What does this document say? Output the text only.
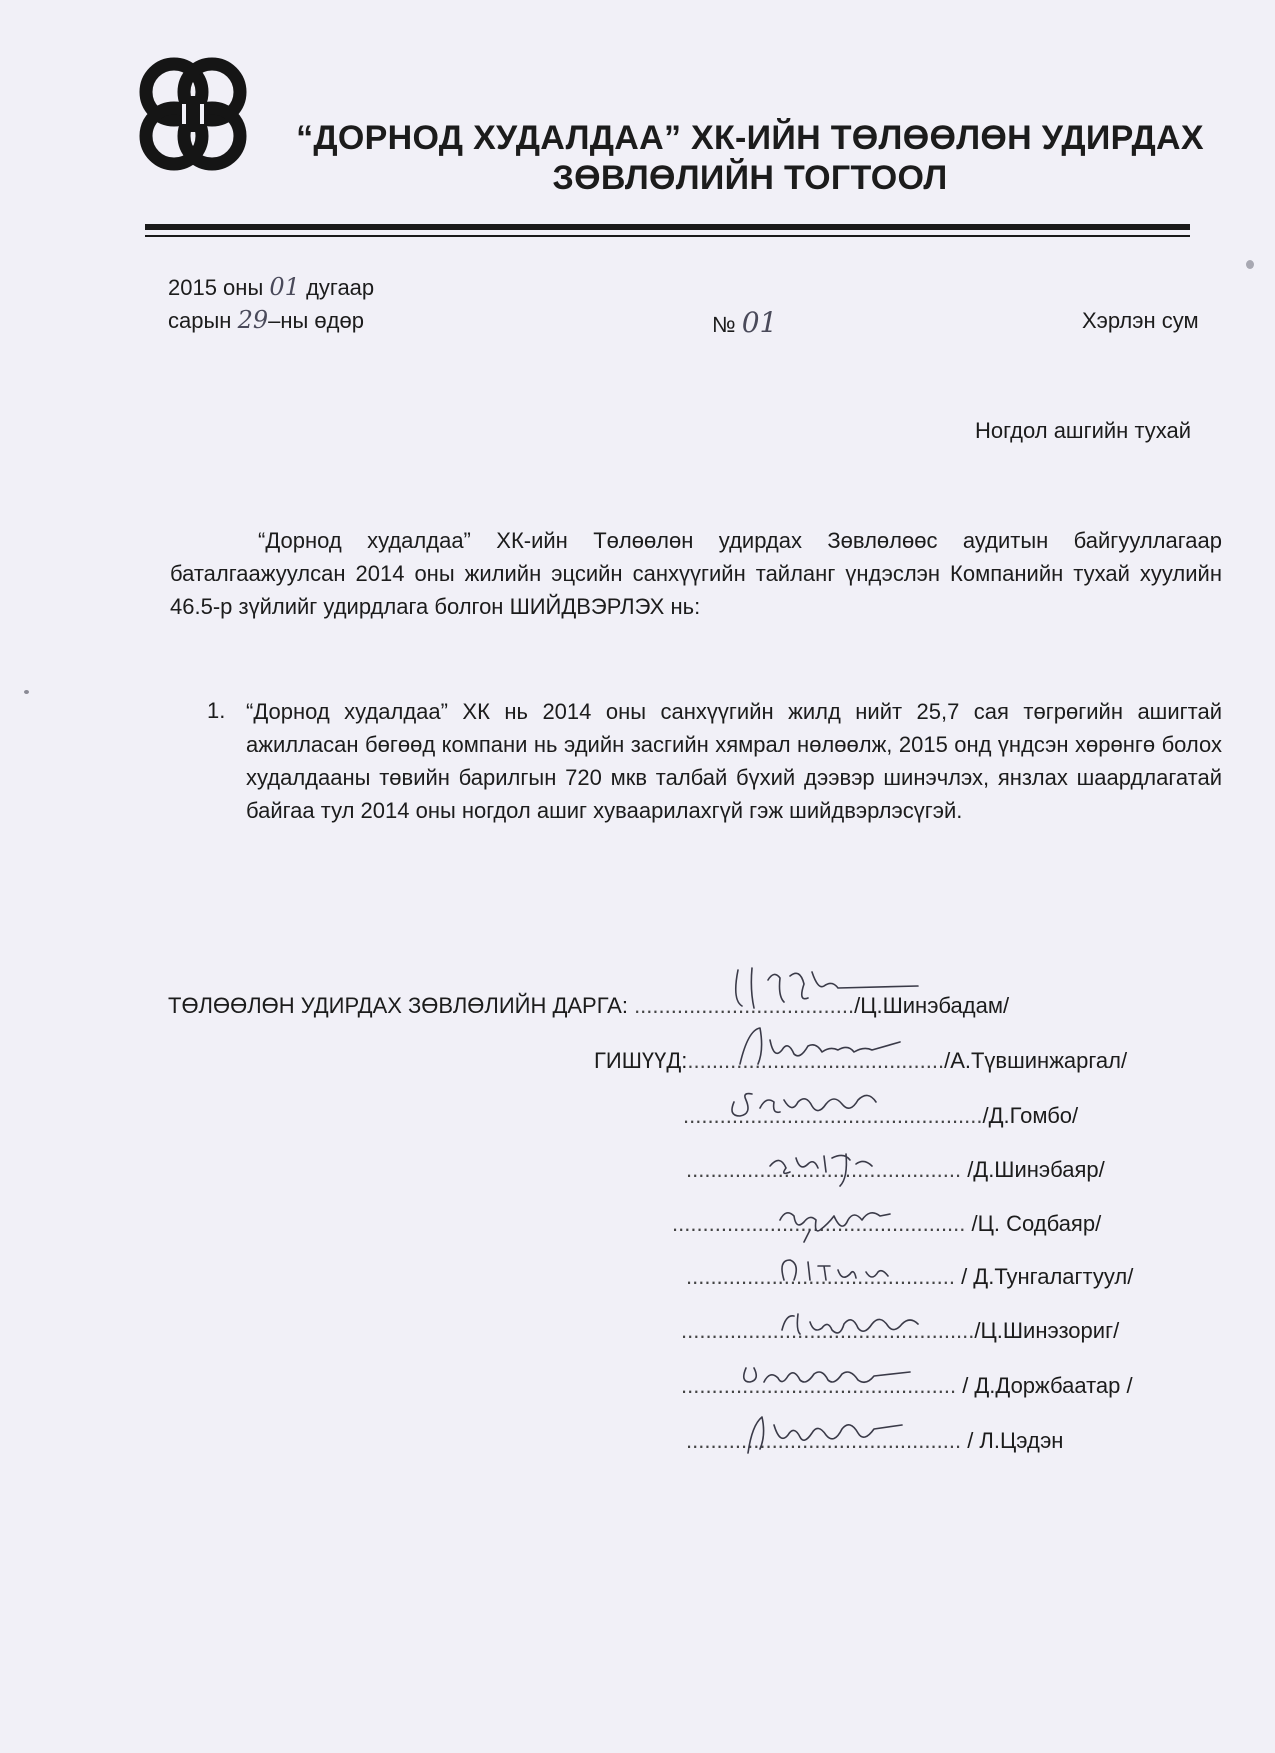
“ДОРНОД ХУДАЛДАА” ХК-ИЙН ТӨЛӨӨЛӨН УДИРДАХ
ЗӨВЛӨЛИЙН ТОГТООЛ
2015 оны 01 дугаар
сарын 29–ны өдөр	№ 01	Хэрлэн сум
Ногдол ашгийн тухай
“Дорнод худалдаа” ХК-ийн Төлөөлөн удирдах Зөвлөлөөс аудитын байгууллагаар баталгаажуулсан 2014 оны жилийн эцсийн санхүүгийн тайланг үндэслэн Компанийн тухай хуулийн 46.5-р зүйлийг удирдлага болгон ШИЙДВЭРЛЭХ нь:
1. “Дорнод худалдаа” ХК нь 2014 оны санхүүгийн жилд нийт 25,7 сая төгрөгийн ашигтай ажилласан бөгөөд компани нь эдийн засгийн хямрал нөлөөлж, 2015 онд үндсэн хөрөнгө болох худалдааны төвийн барилгын 720 мкв талбай бүхий дээвэр шинэчлэх, янзлах шаардлагатай байгаа тул 2014 оны ногдол ашиг хуваарилахгүй гэж шийдвэрлэсүгэй.
ТӨЛӨӨЛӨН УДИРДАХ ЗӨВЛӨЛИЙН ДАРГА: ..................................../Ц.Шинэбадам/
ГИШҮҮД:........................................../А.Түвшинжаргал/
................................................./Д.Гомбо/
............................................. /Д.Шинэбаяр/
................................................ /Ц. Содбаяр/
............................................ / Д.Тунгалагтуул/
................................................/Ц.Шинэзориг/
............................................. / Д.Доржбаатар /
............................................. / Л.Цэдэн
